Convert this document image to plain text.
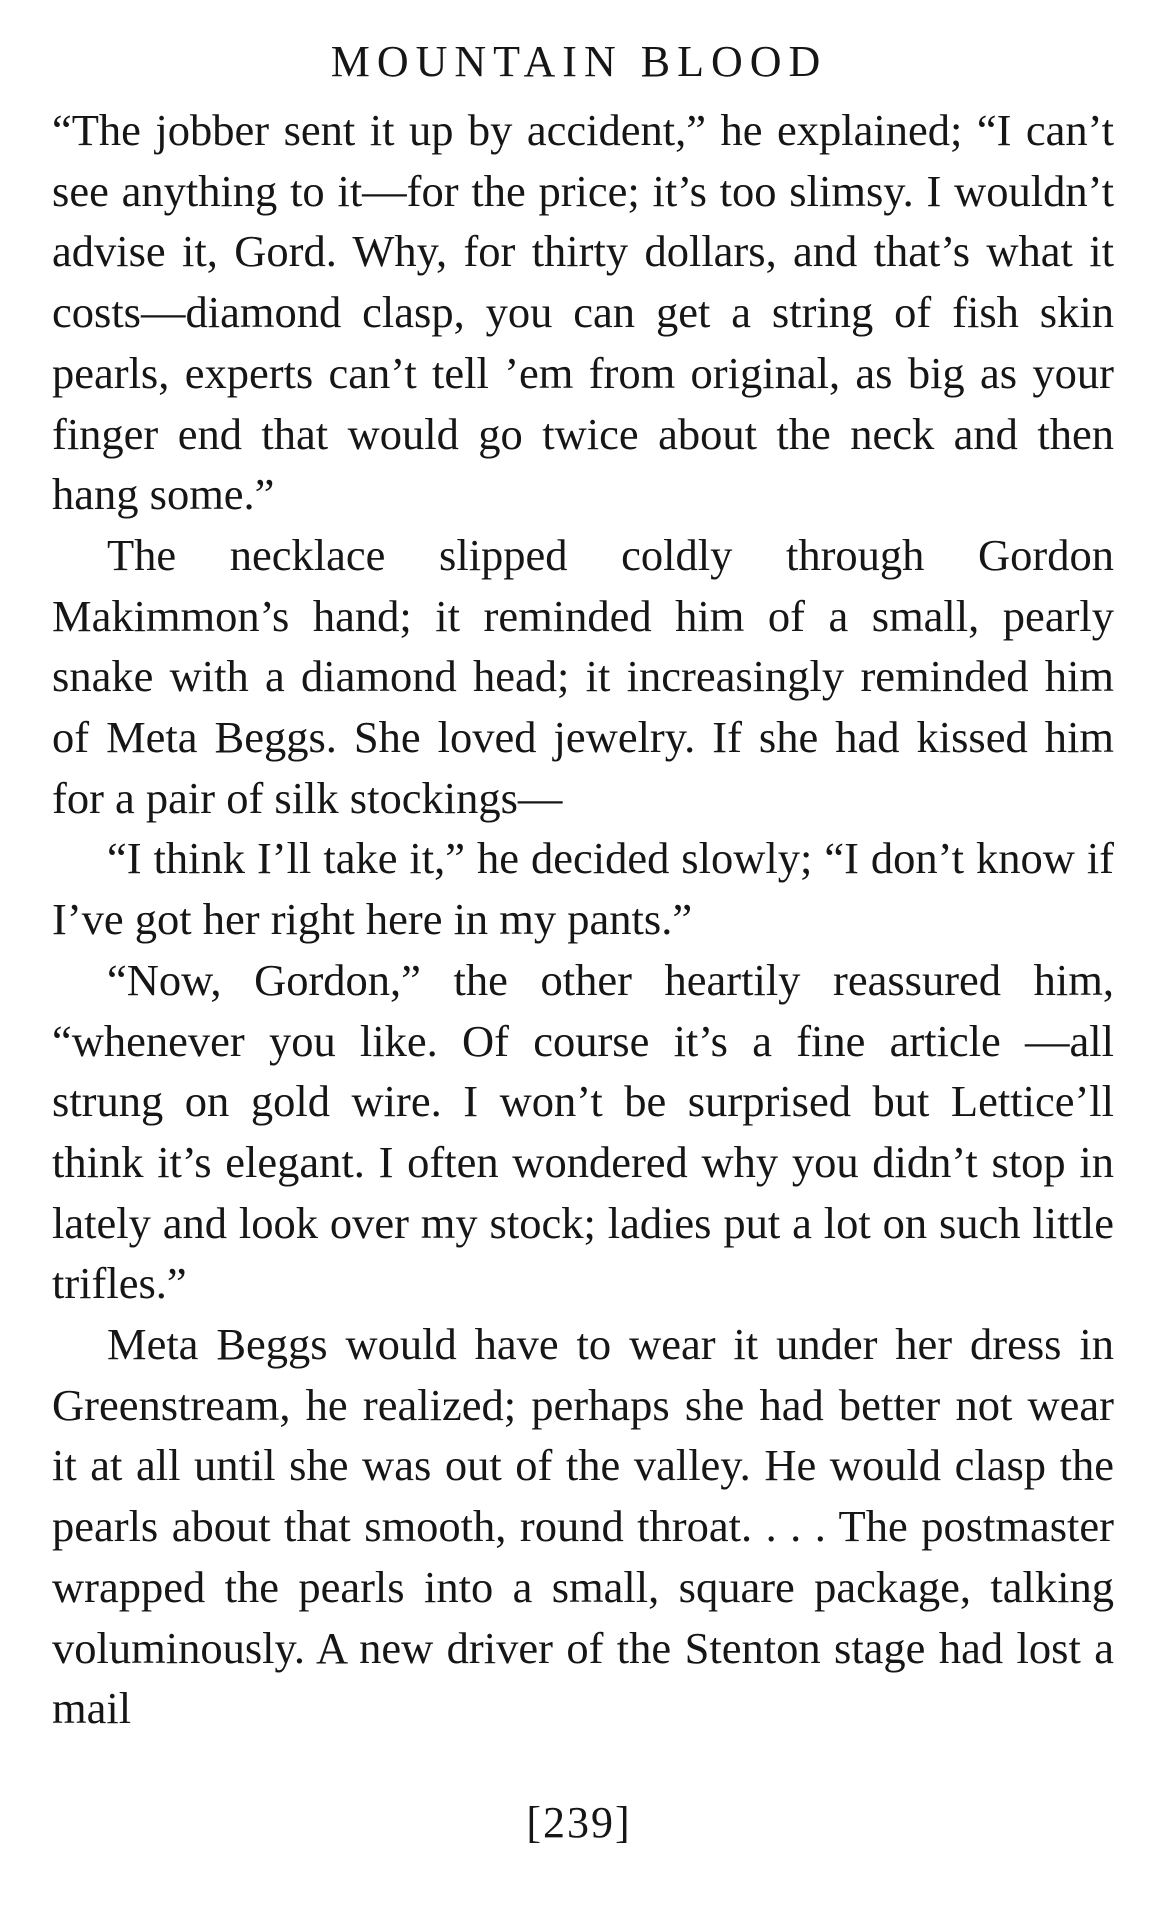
MOUNTAIN BLOOD

“The jobber sent it up by accident,” he explained; “I can’t see anything to it—for the price; it’s too slimsy. I wouldn’t advise it, Gord. Why, for thirty dollars, and that’s what it costs—diamond clasp, you can get a string of fish skin pearls, experts can’t tell ’em from original, as big as your finger end that would go twice about the neck and then hang some.”

The necklace slipped coldly through Gordon Makimmon’s hand; it reminded him of a small, pearly snake with a diamond head; it increasingly reminded him of Meta Beggs. She loved jewelry. If she had kissed him for a pair of silk stockings—

“I think I’ll take it,” he decided slowly; “I don’t know if I’ve got her right here in my pants.”

“Now, Gordon,” the other heartily reassured him, “whenever you like. Of course it’s a fine article —all strung on gold wire. I won’t be surprised but Lettice’ll think it’s elegant. I often wondered why you didn’t stop in lately and look over my stock; ladies put a lot on such little trifles.”

Meta Beggs would have to wear it under her dress in Greenstream, he realized; perhaps she had better not wear it at all until she was out of the valley. He would clasp the pearls about that smooth, round throat. . . . The postmaster wrapped the pearls into a small, square package, talking voluminously. A new driver of the Stenton stage had lost a mail

[239]
